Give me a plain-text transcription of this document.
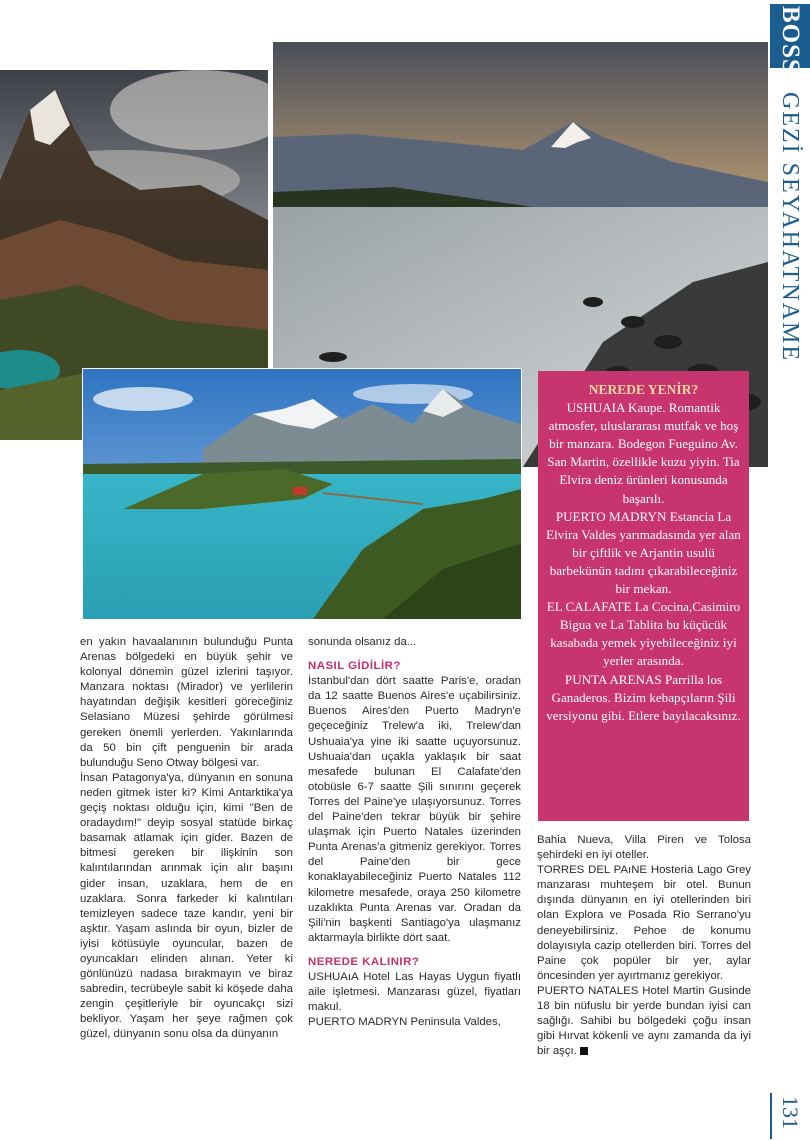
BOSS
GEZİ SEYAHATNAME
131

NEREDE YENİR?

USHUAIA Kaupe. Romantik atmosfer, uluslararası mutfak ve hoş bir manzara. Bodegon Fueguino Av. San Martin, özellikle kuzu yiyin. Tia Elvira deniz ürünleri konusunda başarılı.

PUERTO MADRYN Estancia La Elvira Valdes yarımadasında yer alan bir çiftlik ve Arjantin usulü barbekünün tadını çıkarabileceğiniz bir mekan.

EL CALAFATE La Cocina,Casimiro Bigua ve La Tablita bu küçücük kasabada yemek yiyebileceğiniz iyi yerler arasında.

PUNTA ARENAS Parrilla los Ganaderos. Bizim kebapçıların Şili versiyonu gibi. Etlere bayılacaksınız.

en yakın havaalanının bulunduğu Punta Arenas bölgedeki en büyük şehir ve kolonyal dönemin güzel izlerini taşıyor. Manzara noktası (Mirador) ve yerlilerin hayatından değişik kesitleri göreceğiniz Selasiano Müzesi şehirde görülmesi gereken önemli yerlerden. Yakınlarında da 50 bin çift penguenin bir arada bulunduğu Seno Otway bölgesi var.

İnsan Patagonya'ya, dünyanın en sonuna neden gitmek ister ki? Kimi Antarktika'ya geçiş noktası olduğu için, kimi "Ben de oradaydım!" deyip sosyal statüde birkaç basamak atlamak için gider. Bazen de bitmesi gereken bir ilişkinin son kalıntılarından arınmak için alır başını gider insan, uzaklara, hem de en uzaklara. Sonra farkeder ki kalıntıları temizleyen sadece taze kandır, yeni bir aşktır. Yaşam aslında bir oyun, bizler de iyisi kötüsüyle oyuncular, bazen de oyuncakları elinden alınan. Yeter ki gönlünüzü nadasa bırakmayın ve biraz sabredin, tecrübeyle sabit ki köşede daha zengin çeşitleriyle bir oyuncakçı sizi bekliyor. Yaşam her şeye rağmen çok güzel, dünyanın sonu olsa da dünyanın

sonunda olsanız da...

NASIL GİDİLİR?

İstanbul'dan dört saatte Paris'e, oradan da 12 saatte Buenos Aires'e uçabilirsiniz. Buenos Aires'den Puerto Madryn'e geçeceğiniz Trelew'a iki, Trelew'dan Ushuaia'ya yine iki saatte uçuyorsunuz. Ushuaia'dan uçakla yaklaşık bir saat mesafede bulunan El Calafate'den otobüsle 6-7 saatte Şili sınırını geçerek Torres del Paine'ye ulaşıyorsunuz. Torres del Paine'den tekrar büyük bir şehire ulaşmak için Puerto Natales üzerinden Punta Arenas'a gitmeniz gerekiyor. Torres del Paine'den bir gece konaklayabileceğiniz Puerto Natales 112 kilometre mesafede, oraya 250 kilometre uzaklıkta Punta Arenas var. Oradan da Şili'nin başkenti Santiago'ya ulaşmanız aktarmayla birlikte dört saat.

NEREDE KALINIR?

USHUAıA Hotel Las Hayas Uygun fiyatlı aile işletmesi. Manzarası güzel, fiyatları makul.

PUERTO MADRYN Peninsula Valdes,

Bahia Nueva, Villa Piren ve Tolosa şehirdeki en iyi oteller.

TORRES DEL PAıNE Hosteria Lago Grey manzarası muhteşem bir otel. Bunun dışında dünyanın en iyi otellerinden biri olan Explora ve Posada Rio Serrano'yu deneyebilirsiniz. Pehoe de konumu dolayısıyla cazip otellerden biri. Torres del Paine çok popüler bir yer, aylar öncesinden yer ayırtmanız gerekiyor.

PUERTO NATALES Hotel Martin Gusinde 18 bin nüfuslu bir yerde bundan iyisi can sağlığı. Sahibi bu bölgedeki çoğu insan gibi Hırvat kökenli ve aynı zamanda da iyi bir aşçı.
